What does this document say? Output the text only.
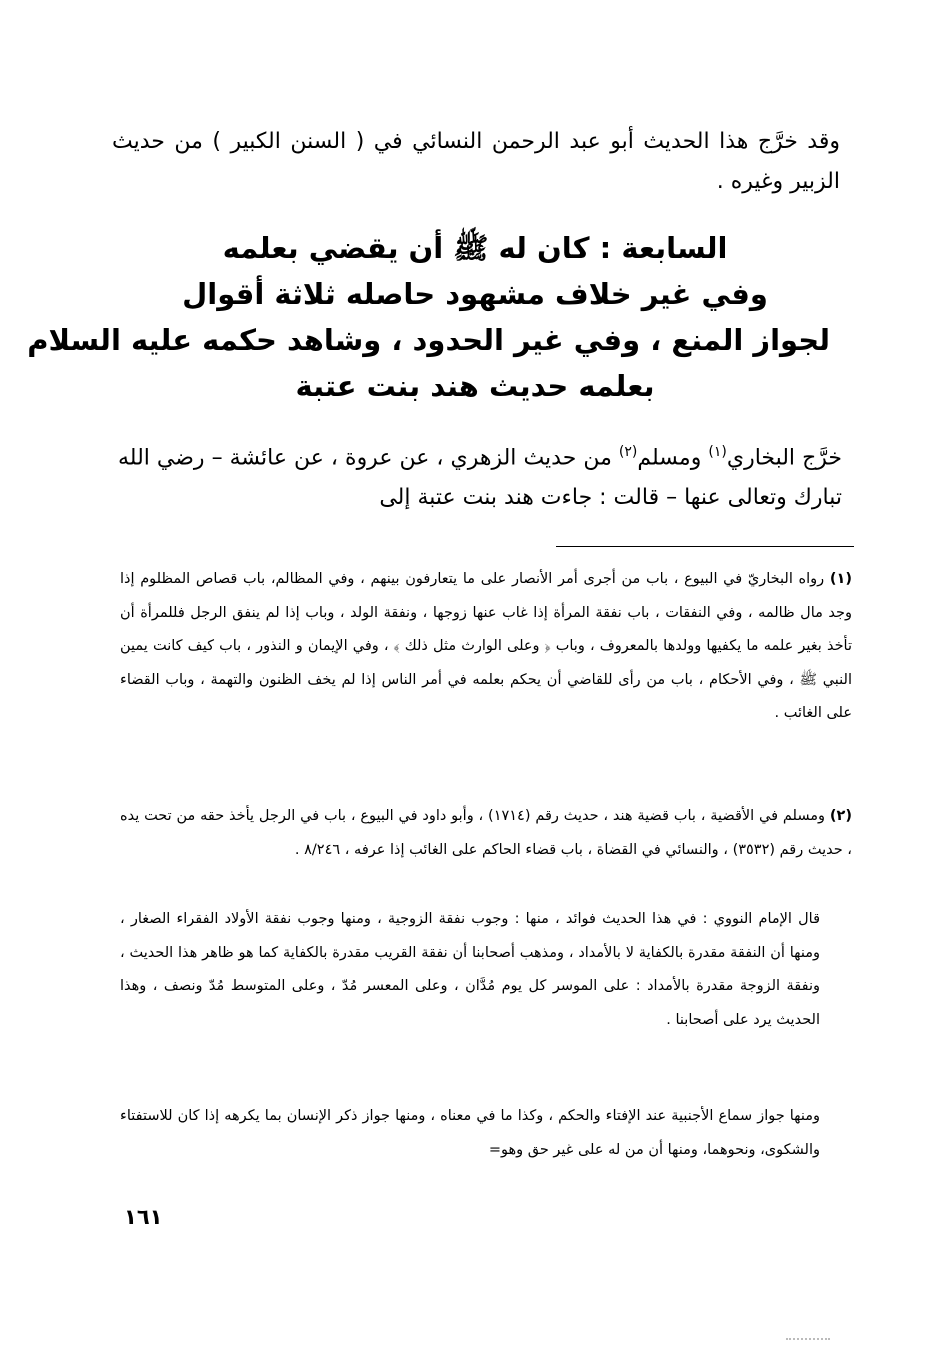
وقد خرَّج هذا الحديث أبو عبد الرحمن النسائي في ( السنن الكبير ) من حديث الزبير وغيره .

السابعة : كان له ﷺ أن يقضي بعلمه
وفي غير خلاف مشهود حاصله ثلاثة أقوال
لجواز المنع ، وفي غير الحدود ، وشاهد حكمه عليه السلام
بعلمه حديث هند بنت عتبة

خرَّج البخاري$^{(١)}$ ومسلم$^{(٢)}$ من حديث الزهري ، عن عروة ، عن عائشة – رضي الله تبارك وتعالى عنها – قالت : جاءت هند بنت عتبة إلى

(١) رواه البخاريّ في البيوع ، باب من أجرى أمر الأنصار على ما يتعارفون بينهم ، وفي المظالم، باب قصاص المظلوم إذا وجد مال ظالمه ، وفي النفقات ، باب نفقة المرأة إذا غاب عنها زوجها ، ونفقة الولد ، وباب إذا لم ينفق الرجل فللمرأة أن تأخذ بغير علمه ما يكفيها وولدها بالمعروف ، وباب ﴿ وعلى الوارث مثل ذلك ﴾ ، وفي الإيمان و النذور ، باب كيف كانت يمين النبي ﷺ ، وفي الأحكام ، باب من رأى للقاضي أن يحكم بعلمه في أمر الناس إذا لم يخف الظنون والتهمة ، وباب القضاء على الغائب .

(٢) ومسلم في الأقضية ، باب قضية هند ، حديث رقم (١٧١٤) ، وأبو داود في البيوع ، باب في الرجل يأخذ حقه من تحت يده ، حديث رقم (٣٥٣٢) ، والنسائي في القضاة ، باب قضاء الحاكم على الغائب إذا عرفه ، ٨/٢٤٦ .

قال الإمام النووي : في هذا الحديث فوائد ، منها : وجوب نفقة الزوجية ، ومنها وجوب نفقة الأولاد الفقراء الصغار ، ومنها أن النفقة مقدرة بالكفاية لا بالأمداد ، ومذهب أصحابنا أن نفقة القريب مقدرة بالكفاية كما هو ظاهر هذا الحديث ، ونفقة الزوجة مقدرة بالأمداد : على الموسر كل يوم مُدَّان ، وعلى المعسر مُدّ ، وعلى المتوسط مُدّ ونصف ، وهذا الحديث يرد على أصحابنا .

ومنها جواز سماع الأجنبية عند الإفتاء والحكم ، وكذا ما في معناه ، ومنها جواز ذكر الإنسان بما يكرهه إذا كان للاستفتاء والشكوى، ونحوهما، ومنها أن من له على غير حق وهو=

١٦١
